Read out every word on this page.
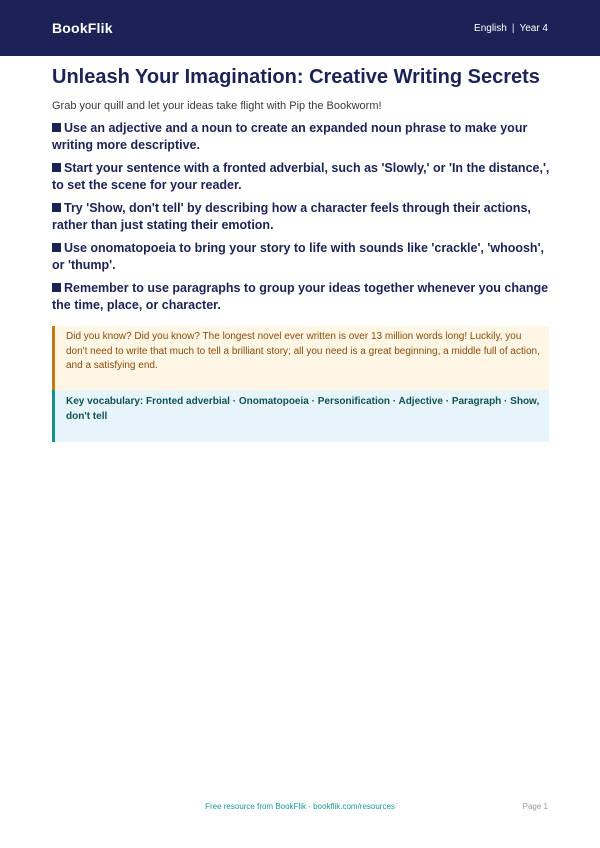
BookFlik	English | Year 4
Unleash Your Imagination: Creative Writing Secrets

Grab your quill and let your ideas take flight with Pip the Bookworm!

Use an adjective and a noun to create an expanded noun phrase to make your writing more descriptive.
Start your sentence with a fronted adverbial, such as 'Slowly,' or 'In the distance,', to set the scene for your reader.
Try 'Show, don't tell' by describing how a character feels through their actions, rather than just stating their emotion.
Use onomatopoeia to bring your story to life with sounds like 'crackle', 'whoosh', or 'thump'.
Remember to use paragraphs to group your ideas together whenever you change the time, place, or character.
Did you know? Did you know? The longest novel ever written is over 13 million words long! Luckily, you don't need to write that much to tell a brilliant story; all you need is a great beginning, a middle full of action, and a satisfying end.
Key vocabulary: Fronted adverbial · Onomatopoeia · Personification · Adjective · Paragraph · Show, don't tell
Free resource from BookFlik · bookflik.com/resources	Page 1
